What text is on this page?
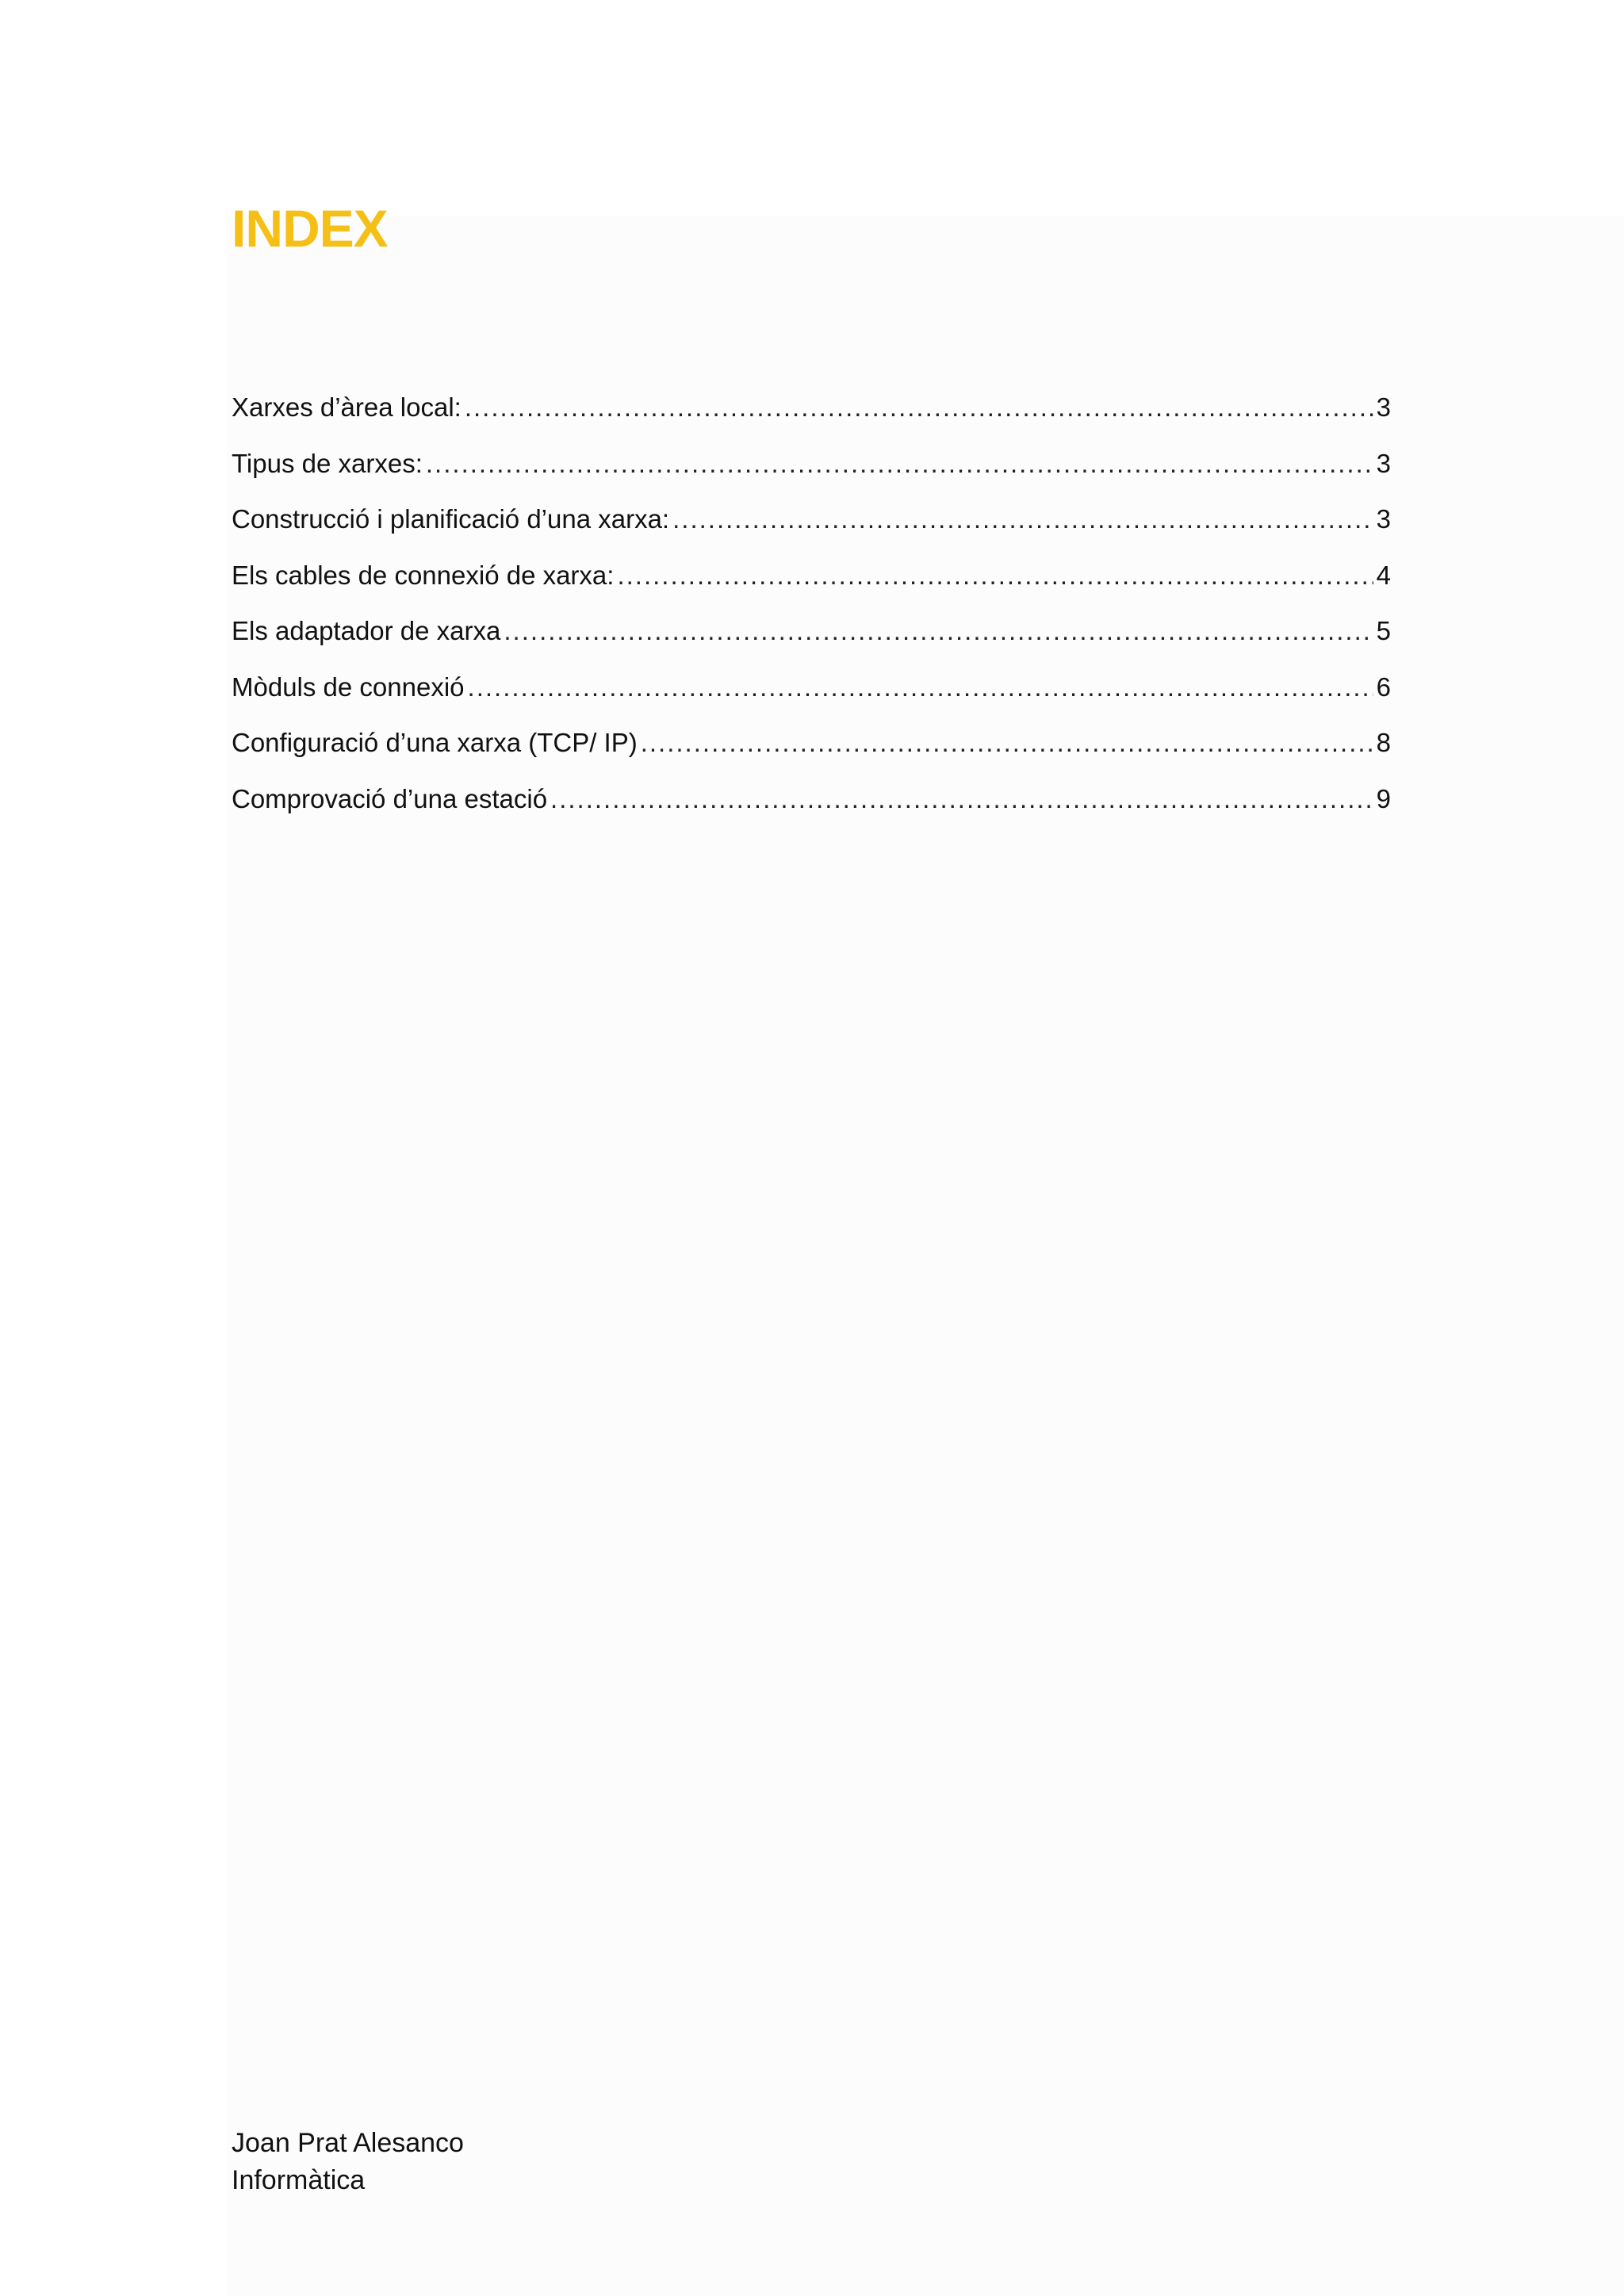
INDEX
Xarxes d’àrea local: .....	3
Tipus de xarxes: .....	3
Construcció i planificació d’una xarxa: .....	3
Els cables de connexió de xarxa: .....	4
Els adaptador de xarxa .....	5
Mòduls de connexió .....	6
Configuració d’una xarxa (TCP/ IP) .....	8
Comprovació d’una estació .....	9
Joan Prat Alesanco
Informàtica
